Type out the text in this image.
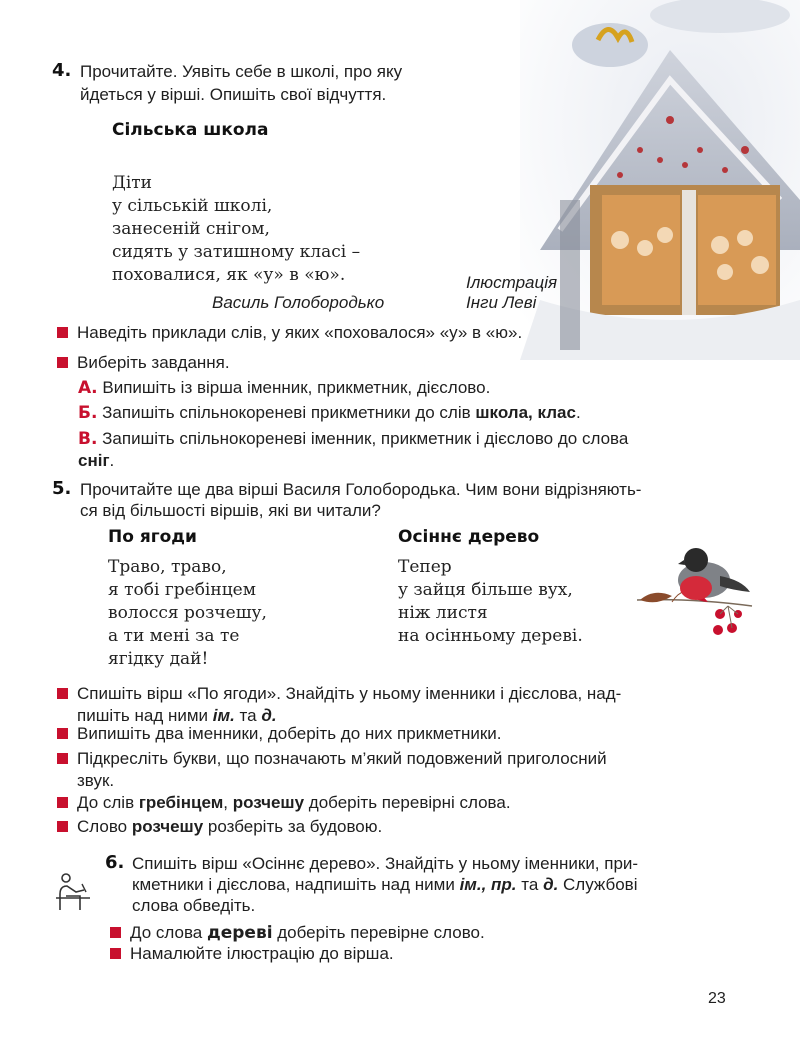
4. Прочитайте. Уявіть себе в школі, про яку
йдеться у вірші. Опишіть свої відчуття.
Сільська школа
Діти
у сільській школі,
занесеній снігом,
сидять у затишному класі –
поховалися, як «у» в «ю».
Василь Голобородько
Ілюстрація
Інги Леві
Наведіть приклади слів, у яких «поховалося» «у» в «ю».
Виберіть завдання.
А. Випишіть із вірша іменник, прикметник, дієслово.
Б. Запишіть спільнокореневі прикметники до слів школа, клас.
В. Запишіть спільнокореневі іменник, прикметник і дієслово до слова
сніг.
5. Прочитайте ще два вірші Василя Голобородька. Чим вони відрізняють-
ся від більшості віршів, які ви читали?
По ягоди
Траво, траво,
я тобі гребінцем
волосся розчешу,
а ти мені за те
ягідку дай!
Осіннє дерево
Тепер
у зайця більше вух,
ніж листя
на осінньому дереві.
Спишіть вірш «По ягоди». Знайдіть у ньому іменники і дієслова, над-
пишіть над ними ім. та д.
Випишіть два іменники, доберіть до них прикметники.
Підкресліть букви, що позначають м’який подовжений приголосний
звук.
До слів гребінцем, розчешу доберіть перевірні слова.
Слово розчешу розберіть за будовою.
6. Спишіть вірш «Осіннє дерево». Знайдіть у ньому іменники, при-
кметники і дієслова, надпишіть над ними ім., пр. та д. Службові
слова обведіть.
До слова дереві доберіть перевірне слово.
Намалюйте ілюстрацію до вірша.
23
